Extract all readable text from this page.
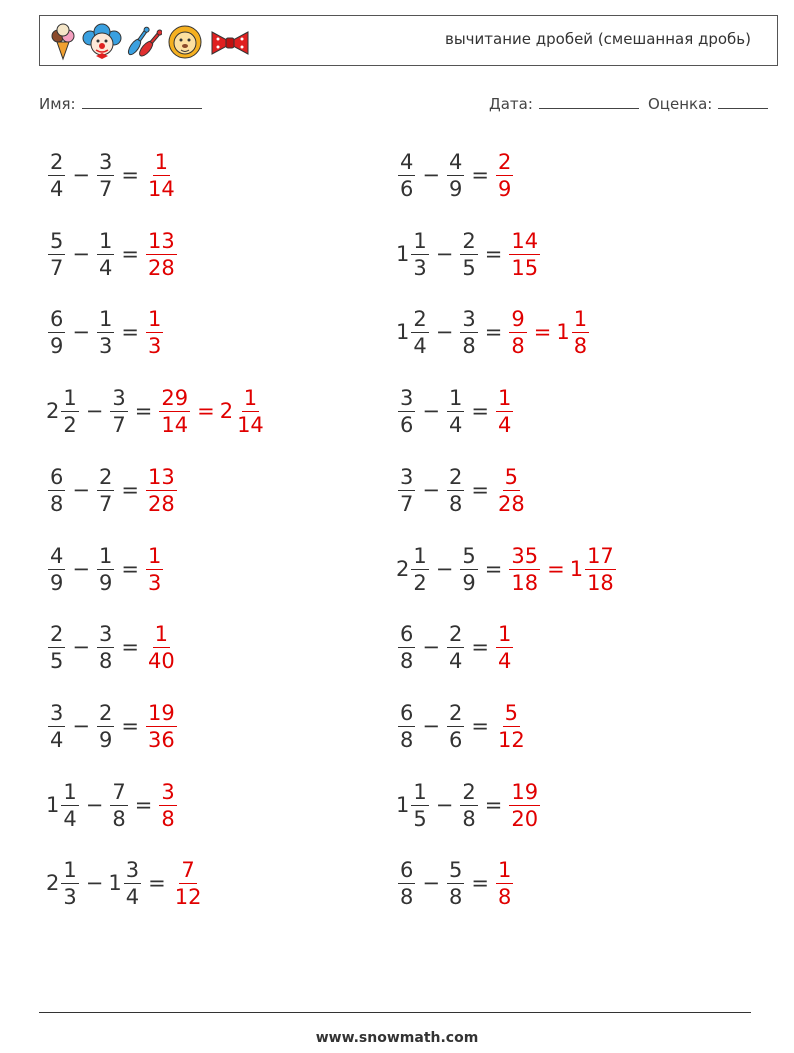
вычитание дробей (смешанная дробь)
Имя:	Дата:	Оценка:
$\frac{2}{4} - \frac{3}{7} = \frac{1}{14}$	$\frac{4}{6} - \frac{4}{9} = \frac{2}{9}$
$\frac{5}{7} - \frac{1}{4} = \frac{13}{28}$	$1 \frac{1}{3} - \frac{2}{5} = \frac{14}{15}$
$\frac{6}{9} - \frac{1}{3} = \frac{1}{3}$	$1 \frac{2}{4} - \frac{3}{8} = \frac{9}{8} = 1 \frac{1}{8}$
$2 \frac{1}{2} - \frac{3}{7} = \frac{29}{14} = 2 \frac{1}{14}$	$\frac{3}{6} - \frac{1}{4} = \frac{1}{4}$
$\frac{6}{8} - \frac{2}{7} = \frac{13}{28}$	$\frac{3}{7} - \frac{2}{8} = \frac{5}{28}$
$\frac{4}{9} - \frac{1}{9} = \frac{1}{3}$	$2 \frac{1}{2} - \frac{5}{9} = \frac{35}{18} = 1 \frac{17}{18}$
$\frac{2}{5} - \frac{3}{8} = \frac{1}{40}$	$\frac{6}{8} - \frac{2}{4} = \frac{1}{4}$
$\frac{3}{4} - \frac{2}{9} = \frac{19}{36}$	$\frac{6}{8} - \frac{2}{6} = \frac{5}{12}$
$1 \frac{1}{4} - \frac{7}{8} = \frac{3}{8}$	$1 \frac{1}{5} - \frac{2}{8} = \frac{19}{20}$
$2 \frac{1}{3} - 1 \frac{3}{4} = \frac{7}{12}$	$\frac{6}{8} - \frac{5}{8} = \frac{1}{8}$
www.snowmath.com
